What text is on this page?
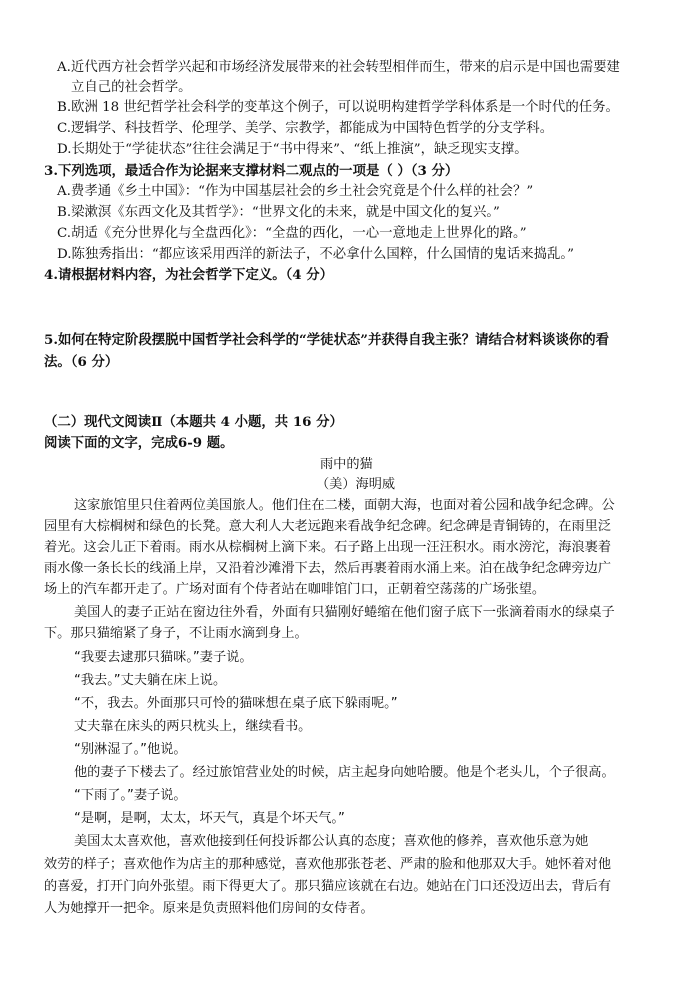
A.近代西方社会哲学兴起和市场经济发展带来的社会转型相伴而生，带来的启示是中国也需要建
立自己的社会哲学。
B.欧洲 18 世纪哲学社会科学的变革这个例子，可以说明构建哲学学科体系是一个时代的任务。
C.逻辑学、科技哲学、伦理学、美学、宗教学，都能成为中国特色哲学的分支学科。
D.长期处于“学徒状态”往往会满足于“书中得来”、“纸上推演”，缺乏现实支撑。
3.下列选项，最适合作为论据来支撑材料二观点的一项是（ ）（3 分）
A.费孝通《乡土中国》：“作为中国基层社会的乡土社会究竟是个什么样的社会？”
B.梁漱溟《东西文化及其哲学》：“世界文化的未来，就是中国文化的复兴。”
C.胡适《充分世界化与全盘西化》：“全盘的西化，一心一意地走上世界化的路。”
D.陈独秀指出：“都应该采用西洋的新法子，不必拿什么国粹，什么国情的鬼话来捣乱。”
4.请根据材料内容，为社会哲学下定义。（4 分）
5.如何在特定阶段摆脱中国哲学社会科学的“学徒状态”并获得自我主张？请结合材料谈谈你的看
法。（6 分）
（二）现代文阅读Ⅱ（本题共 4 小题，共 16 分）
阅读下面的文字，完成6-9 题。
雨中的猫
（美）海明威
这家旅馆里只住着两位美国旅人。他们住在二楼，面朝大海，也面对着公园和战争纪念碑。公
园里有大棕榈树和绿色的长凳。意大利人大老远跑来看战争纪念碑。纪念碑是青铜铸的，在雨里泛
着光。这会儿正下着雨。雨水从棕榈树上滴下来。石子路上出现一汪汪积水。雨水滂沱，海浪裹着
雨水像一条长长的线涌上岸，又沿着沙滩滑下去，然后再裹着雨水涌上来。泊在战争纪念碑旁边广
场上的汽车都开走了。广场对面有个侍者站在咖啡馆门口，正朝着空荡荡的广场张望。
美国人的妻子正站在窗边往外看，外面有只猫刚好蜷缩在他们窗子底下一张滴着雨水的绿桌子
下。那只猫缩紧了身子，不让雨水滴到身上。
“我要去逮那只猫咪。”妻子说。
“我去。”丈夫躺在床上说。
“不，我去。外面那只可怜的猫咪想在桌子底下躲雨呢。”
丈夫靠在床头的两只枕头上，继续看书。
“别淋湿了。”他说。
他的妻子下楼去了。经过旅馆营业处的时候，店主起身向她哈腰。他是个老头儿，个子很高。
“下雨了。”妻子说。
“是啊，是啊，太太，坏天气，真是个坏天气。”
美国太太喜欢他，喜欢他接到任何投诉都公认真的态度；喜欢他的修养，喜欢他乐意为她
效劳的样子；喜欢他作为店主的那种感觉，喜欢他那张苍老、严肃的脸和他那双大手。她怀着对他
的喜爱，打开门向外张望。雨下得更大了。那只猫应该就在右边。她站在门口还没迈出去，背后有
人为她撑开一把伞。原来是负责照料他们房间的女侍者。
